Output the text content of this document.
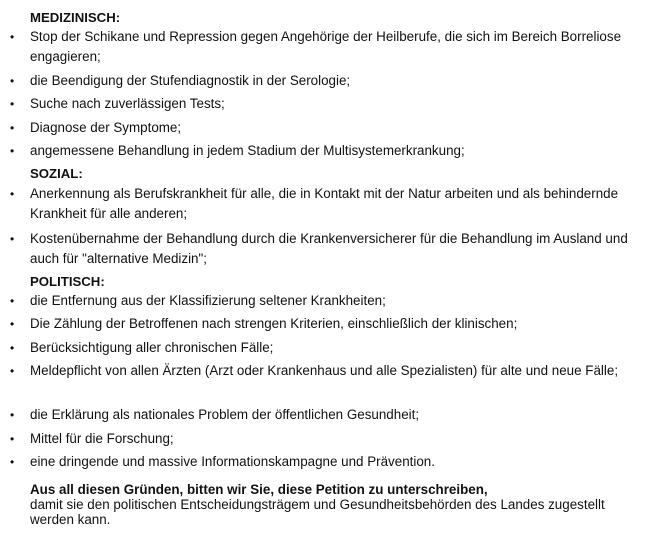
MEDIZINISCH:
• Stop der Schikane und Repression gegen Angehörige der Heilberufe, die sich im Bereich Borreliose engagieren;
• die Beendigung der Stufendiagnostik in der Serologie;
• Suche nach zuverlässigen Tests;
• Diagnose der Symptome;
• angemessene Behandlung in jedem Stadium der Multisystemerkrankung;
SOZIAL:
• Anerkennung als Berufskrankheit für alle, die in Kontakt mit der Natur arbeiten und als behindernde Krankheit für alle anderen;
• Kostenübernahme der Behandlung durch die Krankenversicherer für die Behandlung im Ausland und auch für "alternative Medizin";
POLITISCH:
• die Entfernung aus der Klassifizierung seltener Krankheiten;
• Die Zählung der Betroffenen nach strengen Kriterien, einschließlich der klinischen;
• Berücksichtigung aller chronischen Fälle;
• Meldepflicht von allen Ärzten (Arzt oder Krankenhaus und alle Spezialisten) für alte und neue Fälle;
• die Erklärung als nationales Problem der öffentlichen Gesundheit;
• Mittel für die Forschung;
• eine dringende und massive Informationskampagne und Prävention.
Aus all diesen Gründen, bitten wir Sie, diese Petition zu unterschreiben,
damit sie den politischen Entscheidungsträgem und Gesundheitsbehörden des Landes zugestellt werden kann.
